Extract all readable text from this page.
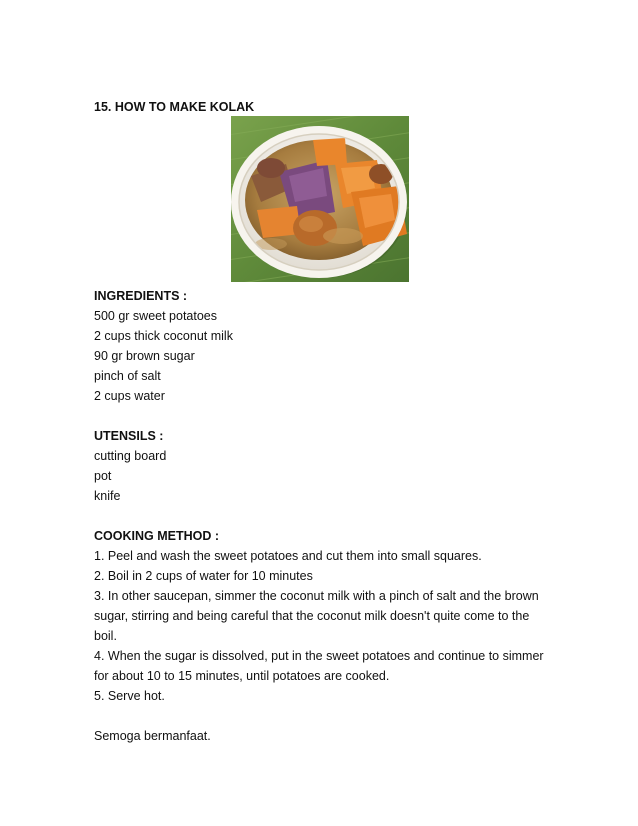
15. HOW TO MAKE KOLAK

INGREDIENTS :

500 gr sweet potatoes

2 cups thick coconut milk

90 gr brown sugar

pinch of salt

2 cups water

UTENSILS :

cutting board

pot

knife

COOKING METHOD :

1. Peel and wash the sweet potatoes and cut them into small squares.

2. Boil in 2 cups of water for 10 minutes

3. In other saucepan, simmer the coconut milk with a pinch of salt and the brown

sugar, stirring and being careful that the coconut milk doesn't quite come to the

boil.

4. When the sugar is dissolved, put in the sweet potatoes and continue to simmer

for about 10 to 15 minutes, until potatoes are cooked.

5. Serve hot.

Semoga bermanfaat.
